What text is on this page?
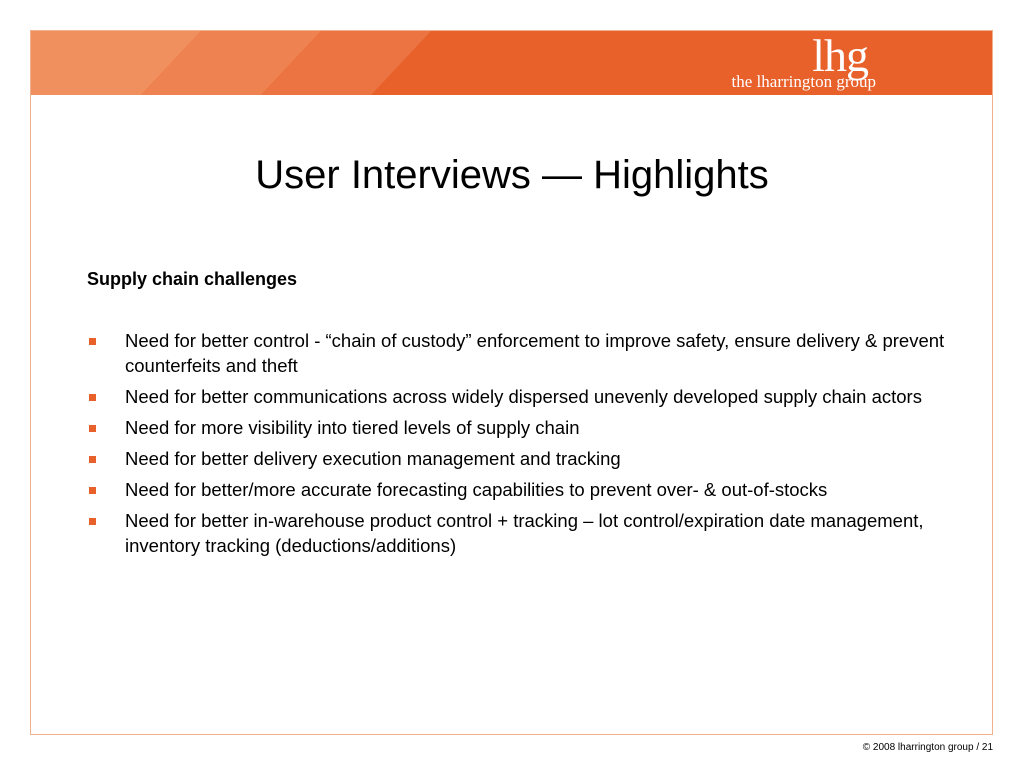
lhg
the lharrington group
User Interviews — Highlights
Supply chain challenges
Need for better control - “chain of custody” enforcement to improve safety, ensure delivery & prevent counterfeits and theft
Need for better communications across widely dispersed unevenly developed supply chain actors
Need for more visibility into tiered levels of supply chain
Need for better delivery execution management and tracking
Need for better/more accurate forecasting capabilities to prevent over- & out-of-stocks
Need for better in-warehouse product control + tracking – lot control/expiration date management, inventory tracking (deductions/additions)
© 2008 lharrington group / 21
